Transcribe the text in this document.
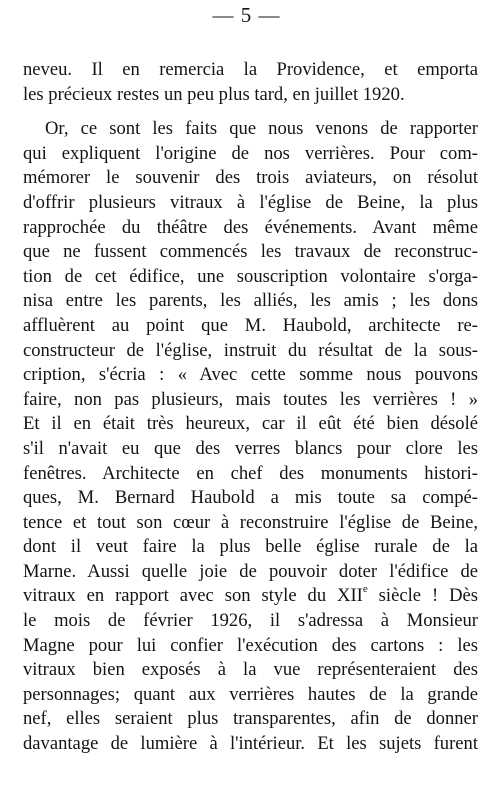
— 5 —
neveu. Il en remercia la Providence, et emporta
les précieux restes un peu plus tard, en juillet 1920.
Or, ce sont les faits que nous venons de rapporter
qui expliquent l'origine de nos verrières. Pour com-
mémorer le souvenir des trois aviateurs, on résolut
d'offrir plusieurs vitraux à l'église de Beine, la plus
rapprochée du théâtre des événements. Avant même
que ne fussent commencés les travaux de reconstruc-
tion de cet édifice, une souscription volontaire s'orga-
nisa entre les parents, les alliés, les amis ; les dons
affluèrent au point que M. Haubold, architecte re-
constructeur de l'église, instruit du résultat de la sous-
cription, s'écria : « Avec cette somme nous pouvons
faire, non pas plusieurs, mais toutes les verrières ! »
Et il en était très heureux, car il eût été bien désolé
s'il n'avait eu que des verres blancs pour clore les
fenêtres. Architecte en chef des monuments histori-
ques, M. Bernard Haubold a mis toute sa compé-
tence et tout son cœur à reconstruire l'église de Beine,
dont il veut faire la plus belle église rurale de la
Marne. Aussi quelle joie de pouvoir doter l'édifice de
vitraux en rapport avec son style du XIIe siècle ! Dès
le mois de février 1926, il s'adressa à Monsieur
Magne pour lui confier l'exécution des cartons : les
vitraux bien exposés à la vue représenteraient des
personnages; quant aux verrières hautes de la grande
nef, elles seraient plus transparentes, afin de donner
davantage de lumière à l'intérieur. Et les sujets furent
